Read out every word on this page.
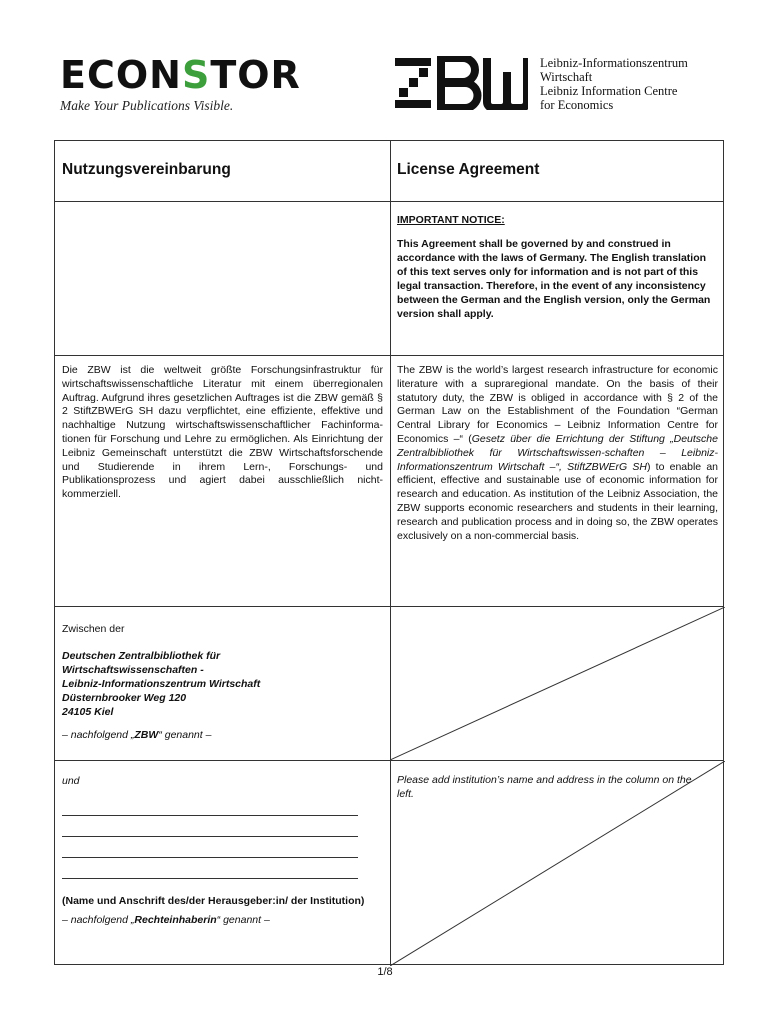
ECONSTOR
Make Your Publications Visible.
Leibniz-Informationszentrum
Wirtschaft
Leibniz Information Centre
for Economics
Nutzungsvereinbarung	License Agreement
IMPORTANT NOTICE:
This Agreement shall be governed by and construed in accordance with the laws of Germany. The English translation of this text serves only for information and is not part of this legal transaction. Therefore, in the event of any inconsistency between the German and the English version, only the German version shall apply.
Die ZBW ist die weltweit größte Forschungsinfrastruktur für wirtschaftswissenschaftliche Literatur mit einem überregionalen Auftrag. Aufgrund ihres gesetzlichen Auftrages ist die ZBW gemäß § 2 StiftZBWErG SH dazu verpflichtet, eine effiziente, effektive und nachhaltige Nutzung wirtschaftswissenschaftlicher Fachinforma-tionen für Forschung und Lehre zu ermöglichen. Als Einrichtung der Leibniz Gemeinschaft unterstützt die ZBW Wirtschaftsforschende und Studierende in ihrem Lern-, Forschungs- und Publikationsprozess und agiert dabei ausschließlich nicht-kommerziell.
The ZBW is the world’s largest research infrastructure for economic literature with a supraregional mandate. On the basis of their statutory duty, the ZBW is obliged in accordance with § 2 of the German Law on the Establishment of the Foundation “German Central Library for Economics – Leibniz Information Centre for Economics –“ (Gesetz über die Errichtung der Stiftung „Deutsche Zentralbibliothek für Wirtschaftswissen-schaften – Leibniz-Informationszentrum Wirtschaft –“, StiftZBWErG SH) to enable an efficient, effective and sustainable use of economic information for research and education. As institution of the Leibniz Association, the ZBW supports economic researchers and students in their learning, research and publication process and in doing so, the ZBW operates exclusively on a non-commercial basis.
Zwischen der
Deutschen Zentralbibliothek für
Wirtschaftswissenschaften -
Leibniz-Informationszentrum Wirtschaft
Düsternbrooker Weg 120
24105 Kiel
– nachfolgend „ZBW“ genannt –
und
(Name und Anschrift des/der Herausgeber:in/ der Institution)
– nachfolgend „Rechteinhaberin“ genannt –
Please add institution’s name and address in the column on the left.
1/8
